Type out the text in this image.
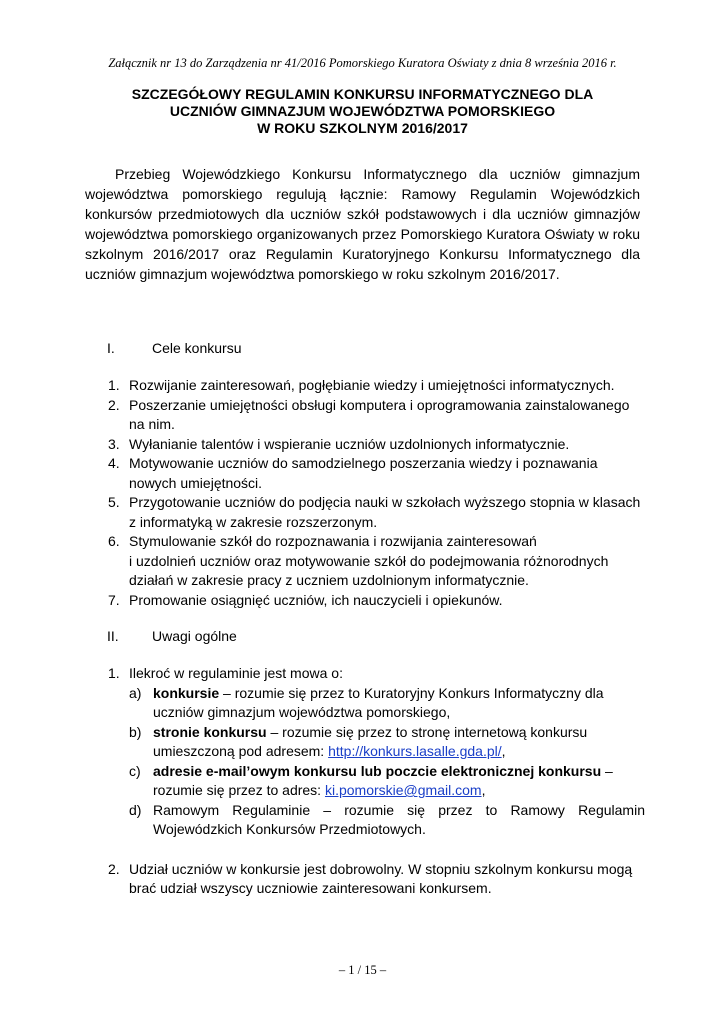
Załącznik nr 13 do Zarządzenia nr 41/2016 Pomorskiego Kuratora Oświaty z dnia 8 września 2016 r.
SZCZEGÓŁOWY REGULAMIN KONKURSU INFORMATYCZNEGO DLA
UCZNIÓW GIMNAZJUM WOJEWÓDZTWA POMORSKIEGO
W ROKU SZKOLNYM 2016/2017

Przebieg Wojewódzkiego Konkursu Informatycznego dla uczniów gimnazjum województwa pomorskiego regulują łącznie: Ramowy Regulamin Wojewódzkich konkursów przedmiotowych dla uczniów szkół podstawowych i dla uczniów gimnazjów województwa pomorskiego organizowanych przez Pomorskiego Kuratora Oświaty w roku szkolnym 2016/2017 oraz Regulamin Kuratoryjnego Konkursu Informatycznego dla uczniów gimnazjum województwa pomorskiego w roku szkolnym 2016/2017.

I.	Cele konkursu
1. Rozwijanie zainteresowań, pogłębianie wiedzy i umiejętności informatycznych.
2. Poszerzanie umiejętności obsługi komputera i oprogramowania zainstalowanego na nim.
3. Wyłanianie talentów i wspieranie uczniów uzdolnionych informatycznie.
4. Motywowanie uczniów do samodzielnego poszerzania wiedzy i poznawania nowych umiejętności.
5. Przygotowanie uczniów do podjęcia nauki w szkołach wyższego stopnia w klasach z informatyką w zakresie rozszerzonym.
6. Stymulowanie szkół do rozpoznawania i rozwijania zainteresowań
i uzdolnień uczniów oraz motywowanie szkół do podejmowania różnorodnych działań w zakresie pracy z uczniem uzdolnionym informatycznie.
7. Promowanie osiągnięć uczniów, ich nauczycieli i opiekunów.
II. Uwagi ogólne
1. Ilekroć w regulaminie jest mowa o:
a) konkursie – rozumie się przez to Kuratoryjny Konkurs Informatyczny dla uczniów gimnazjum województwa pomorskiego,
b) stronie konkursu – rozumie się przez to stronę internetową konkursu umieszczoną pod adresem: http://konkurs.lasalle.gda.pl/,
c) adresie e-mail’owym konkursu lub poczcie elektronicznej konkursu – rozumie się przez to adres: ki.pomorskie@gmail.com,
d) Ramowym Regulaminie – rozumie się przez to Ramowy Regulamin Wojewódzkich Konkursów Przedmiotowych.
2. Udział uczniów w konkursie jest dobrowolny. W stopniu szkolnym konkursu mogą brać udział wszyscy uczniowie zainteresowani konkursem.
– 1 / 15 –
